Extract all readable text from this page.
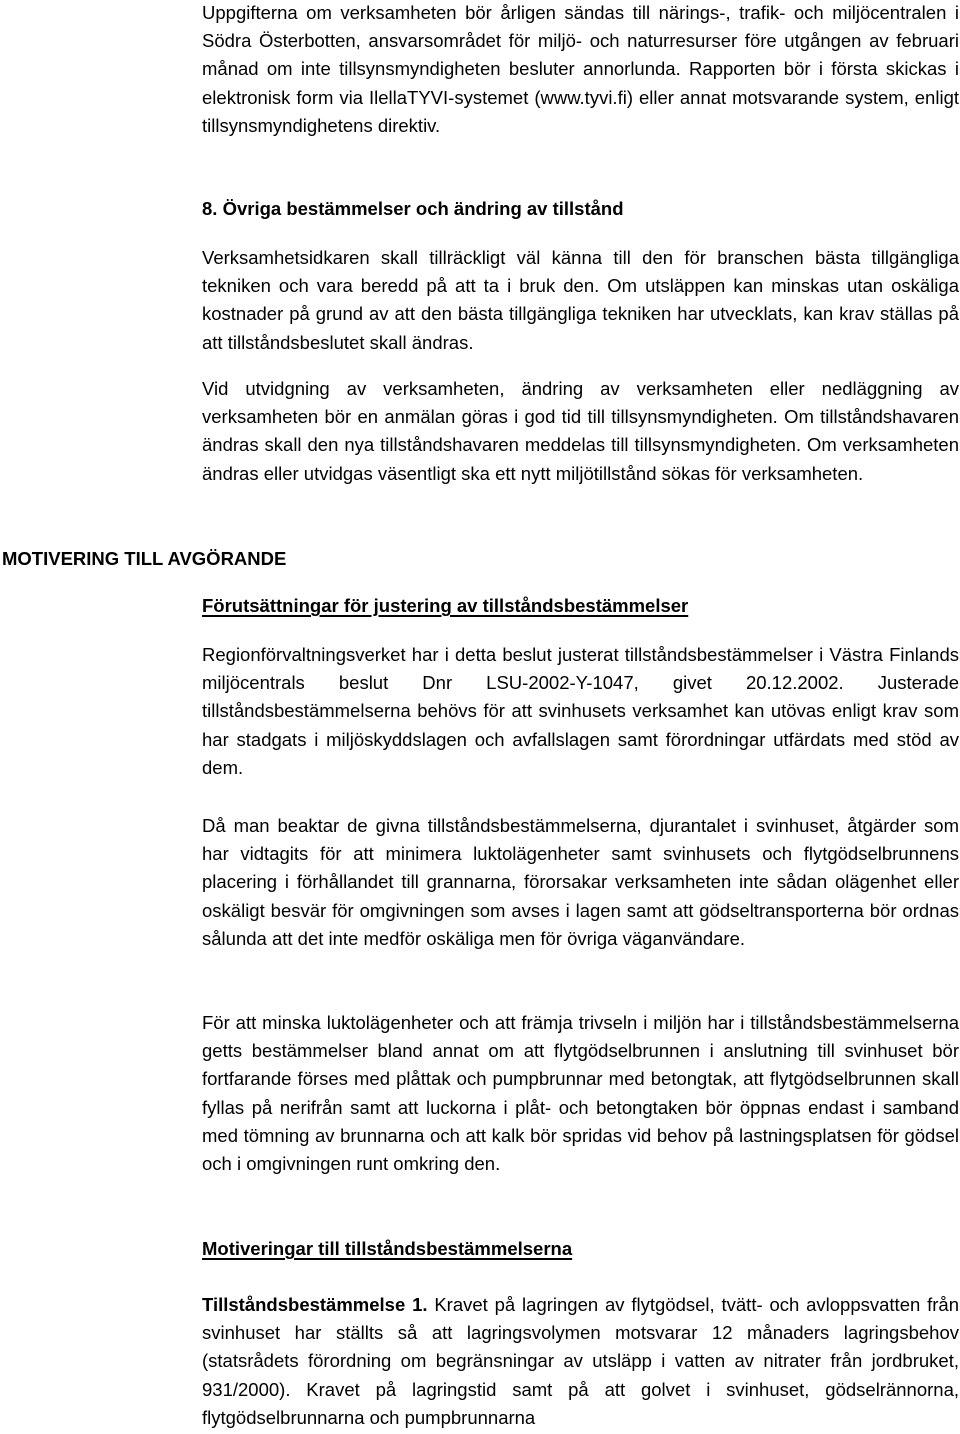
Uppgifterna om verksamheten bör årligen sändas till närings-, trafik- och miljöcentralen i Södra Österbotten, ansvarsområdet för miljö- och naturresurser före utgången av februari månad om inte tillsynsmyndigheten besluter annorlunda. Rapporten bör i första skickas i elektronisk form via IlellaTYVI-systemet (www.tyvi.fi) eller annat motsvarande system, enligt tillsynsmyndighetens direktiv.

8. Övriga bestämmelser och ändring av tillstånd

Verksamhetsidkaren skall tillräckligt väl känna till den för branschen bästa tillgängliga tekniken och vara beredd på att ta i bruk den. Om utsläppen kan minskas utan oskäliga kostnader på grund av att den bästa tillgängliga tekniken har utvecklats, kan krav ställas på att tillståndsbeslutet skall ändras.

Vid utvidgning av verksamheten, ändring av verksamheten eller nedläggning av verksamheten bör en anmälan göras i god tid till tillsynsmyndigheten. Om tillståndshavaren ändras skall den nya tillståndshavaren meddelas till tillsynsmyndigheten. Om verksamheten ändras eller utvidgas väsentligt ska ett nytt miljötillstånd sökas för verksamheten.

MOTIVERING TILL AVGÖRANDE

Förutsättningar för justering av tillståndsbestämmelser

Regionförvaltningsverket har i detta beslut justerat tillståndsbestämmelser i Västra Finlands miljöcentrals beslut Dnr LSU-2002-Y-1047, givet 20.12.2002. Justerade tillståndsbestämmelserna behövs för att svinhusets verksamhet kan utövas enligt krav som har stadgats i miljöskyddslagen och avfallslagen samt förordningar utfärdats med stöd av dem.

Då man beaktar de givna tillståndsbestämmelserna, djurantalet i svinhuset, åtgärder som har vidtagits för att minimera luktolägenheter samt svinhusets och flytgödselbrunnens placering i förhållandet till grannarna, förorsakar verksamheten inte sådan olägenhet eller oskäligt besvär för omgivningen som avses i lagen samt att gödseltransporterna bör ordnas sålunda att det inte medför oskäliga men för övriga väganvändare.

För att minska luktolägenheter och att främja trivseln i miljön har i tillståndsbestämmelserna getts bestämmelser bland annat om att flytgödselbrunnen i anslutning till svinhuset bör fortfarande förses med plåttak och pumpbrunnar med betongtak, att flytgödselbrunnen skall fyllas på nerifrån samt att luckorna i plåt- och betongtaken bör öppnas endast i samband med tömning av brunnarna och att kalk bör spridas vid behov på lastningsplatsen för gödsel och i omgivningen runt omkring den.

Motiveringar till tillståndsbestämmelserna

Tillståndsbestämmelse 1. Kravet på lagringen av flytgödsel, tvätt- och avloppsvatten från svinhuset har ställts så att lagringsvolymen motsvarar 12 månaders lagringsbehov (statsrådets förordning om begränsningar av utsläpp i vatten av nitrater från jordbruket, 931/2000). Kravet på lagringstid samt på att golvet i svinhuset, gödselrännorna, flytgödselbrunnarna och pumpbrunnarna
